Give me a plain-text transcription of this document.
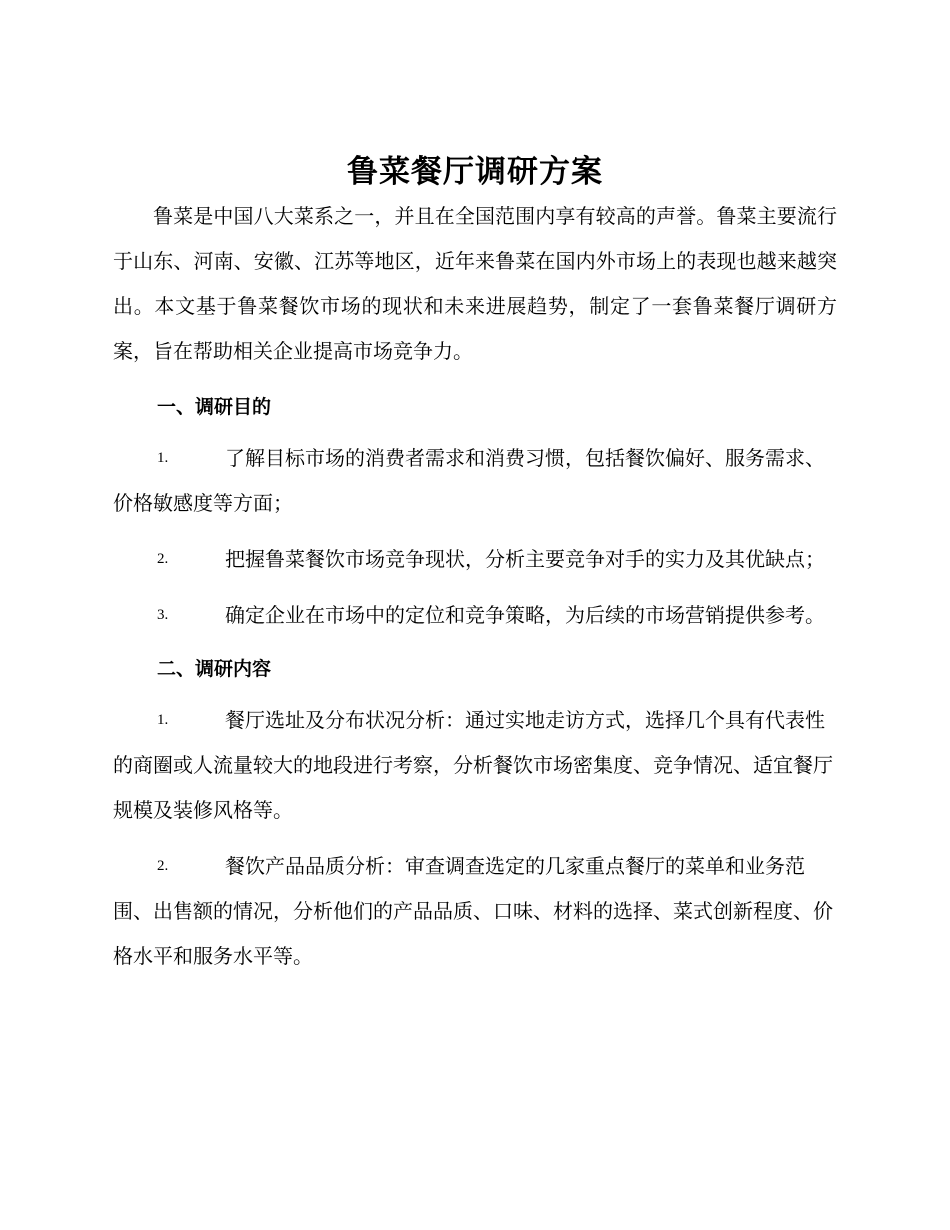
鲁菜餐厅调研方案

鲁菜是中国八大菜系之一，并且在全国范围内享有较高的声誉。鲁菜主要流行于山东、河南、安徽、江苏等地区，近年来鲁菜在国内外市场上的表现也越来越突出。本文基于鲁菜餐饮市场的现状和未来进展趋势，制定了一套鲁菜餐厅调研方案，旨在帮助相关企业提高市场竞争力。

一、调研目的

1.	了解目标市场的消费者需求和消费习惯，包括餐饮偏好、服务需求、价格敏感度等方面；

2.	把握鲁菜餐饮市场竞争现状，分析主要竞争对手的实力及其优缺点；

3.	确定企业在市场中的定位和竞争策略，为后续的市场营销提供参考。

二、调研内容

1.	餐厅选址及分布状况分析：通过实地走访方式，选择几个具有代表性的商圈或人流量较大的地段进行考察，分析餐饮市场密集度、竞争情况、适宜餐厅规模及装修风格等。

2.	餐饮产品品质分析：审查调查选定的几家重点餐厅的菜单和业务范围、出售额的情况，分析他们的产品品质、口味、材料的选择、菜式创新程度、价格水平和服务水平等。
